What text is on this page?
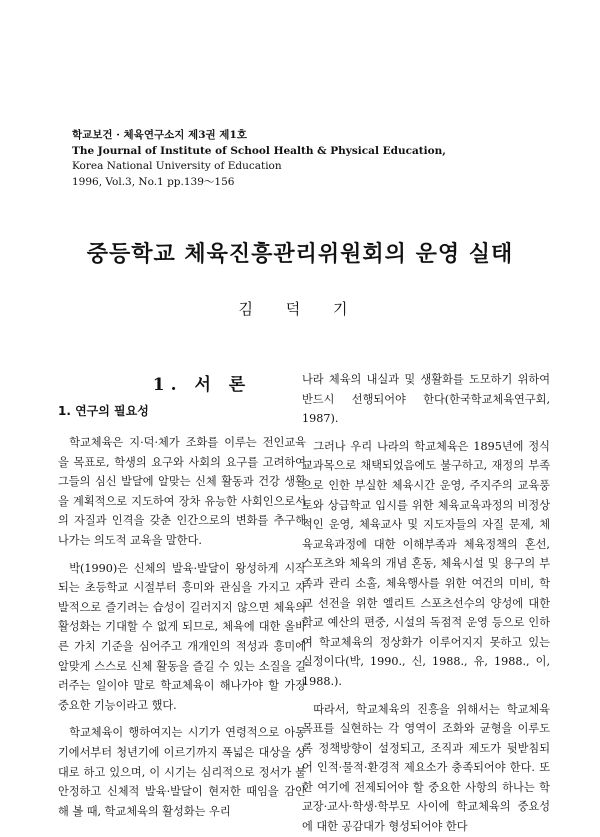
학교보건 · 체육연구소지 제3권 제1호
The Journal of Institute of School Health & Physical Education,
Korea National University of Education
1996, Vol.3, No.1 pp.139～156
중등학교 체육진흥관리위원회의 운영 실태
김 덕 기
1. 서 론
1. 연구의 필요성

학교체육은 지·덕·체가 조화를 이루는 전인교육을 목표로, 학생의 요구와 사회의 요구를 고려하여 그들의 심신 발달에 알맞는 신체 활동과 건강 생활을 계획적으로 지도하여 장차 유능한 사회인으로서의 자질과 인격을 갖춘 인간으로의 변화를 추구해 나가는 의도적 교육을 말한다.

박(1990)은 신체의 발육·발달이 왕성하게 시작되는 초등학교 시절부터 흥미와 관심을 가지고 자발적으로 즐기려는 습성이 길러지지 않으면 체육의 활성화는 기대할 수 없게 되므로, 체육에 대한 올바른 가치 기준을 심어주고 개개인의 적성과 흥미에 알맞게 스스로 신체 활동을 즐길 수 있는 소질을 길러주는 일이야 말로 학교체육이 해나가야 할 가장 중요한 기능이라고 했다.

학교체육이 행하여지는 시기가 연령적으로 아동기에서부터 청년기에 이르기까지 폭넓은 대상을 상대로 하고 있으며, 이 시기는 심리적으로 정서가 불안정하고 신체적 발육·발달이 현저한 때임을 감안해 볼 때, 학교체육의 활성화는 우리

나라 체육의 내실과 및 생활화를 도모하기 위하여 반드시 선행되어야 한다(한국학교체육연구회, 1987).

그러나 우리 나라의 학교체육은 1895년에 정식 교과목으로 채택되었음에도 불구하고, 재정의 부족으로 인한 부실한 체육시간 운영, 주지주의 교육풍토와 상급학교 입시를 위한 체육교육과정의 비정상적인 운영, 체육교사 및 지도자들의 자질 문제, 체육교육과정에 대한 이해부족과 체육정책의 혼선, 스포츠와 체육의 개념 혼동, 체육시설 및 용구의 부족과 관리 소홀, 체육행사를 위한 여건의 미비, 학교 선전을 위한 엘리트 스포츠선수의 양성에 대한 학교 예산의 편중, 시설의 독점적 운영 등으로 인하여 학교체육의 정상화가 이루어지지 못하고 있는 실정이다(박, 1990., 신, 1988., 유, 1988., 이, 1988.).

따라서, 학교체육의 진흥을 위해서는 학교체육 목표를 실현하는 각 영역이 조화와 균형을 이루도록 정책방향이 설정되고, 조직과 제도가 뒷받침되어 인적·물적·환경적 제요소가 충족되어야 한다. 또한 여기에 전제되어야 할 중요한 사항의 하나는 학교장·교사·학생·학부모 사이에 학교체육의 중요성에 대한 공감대가 형성되어야 한다
